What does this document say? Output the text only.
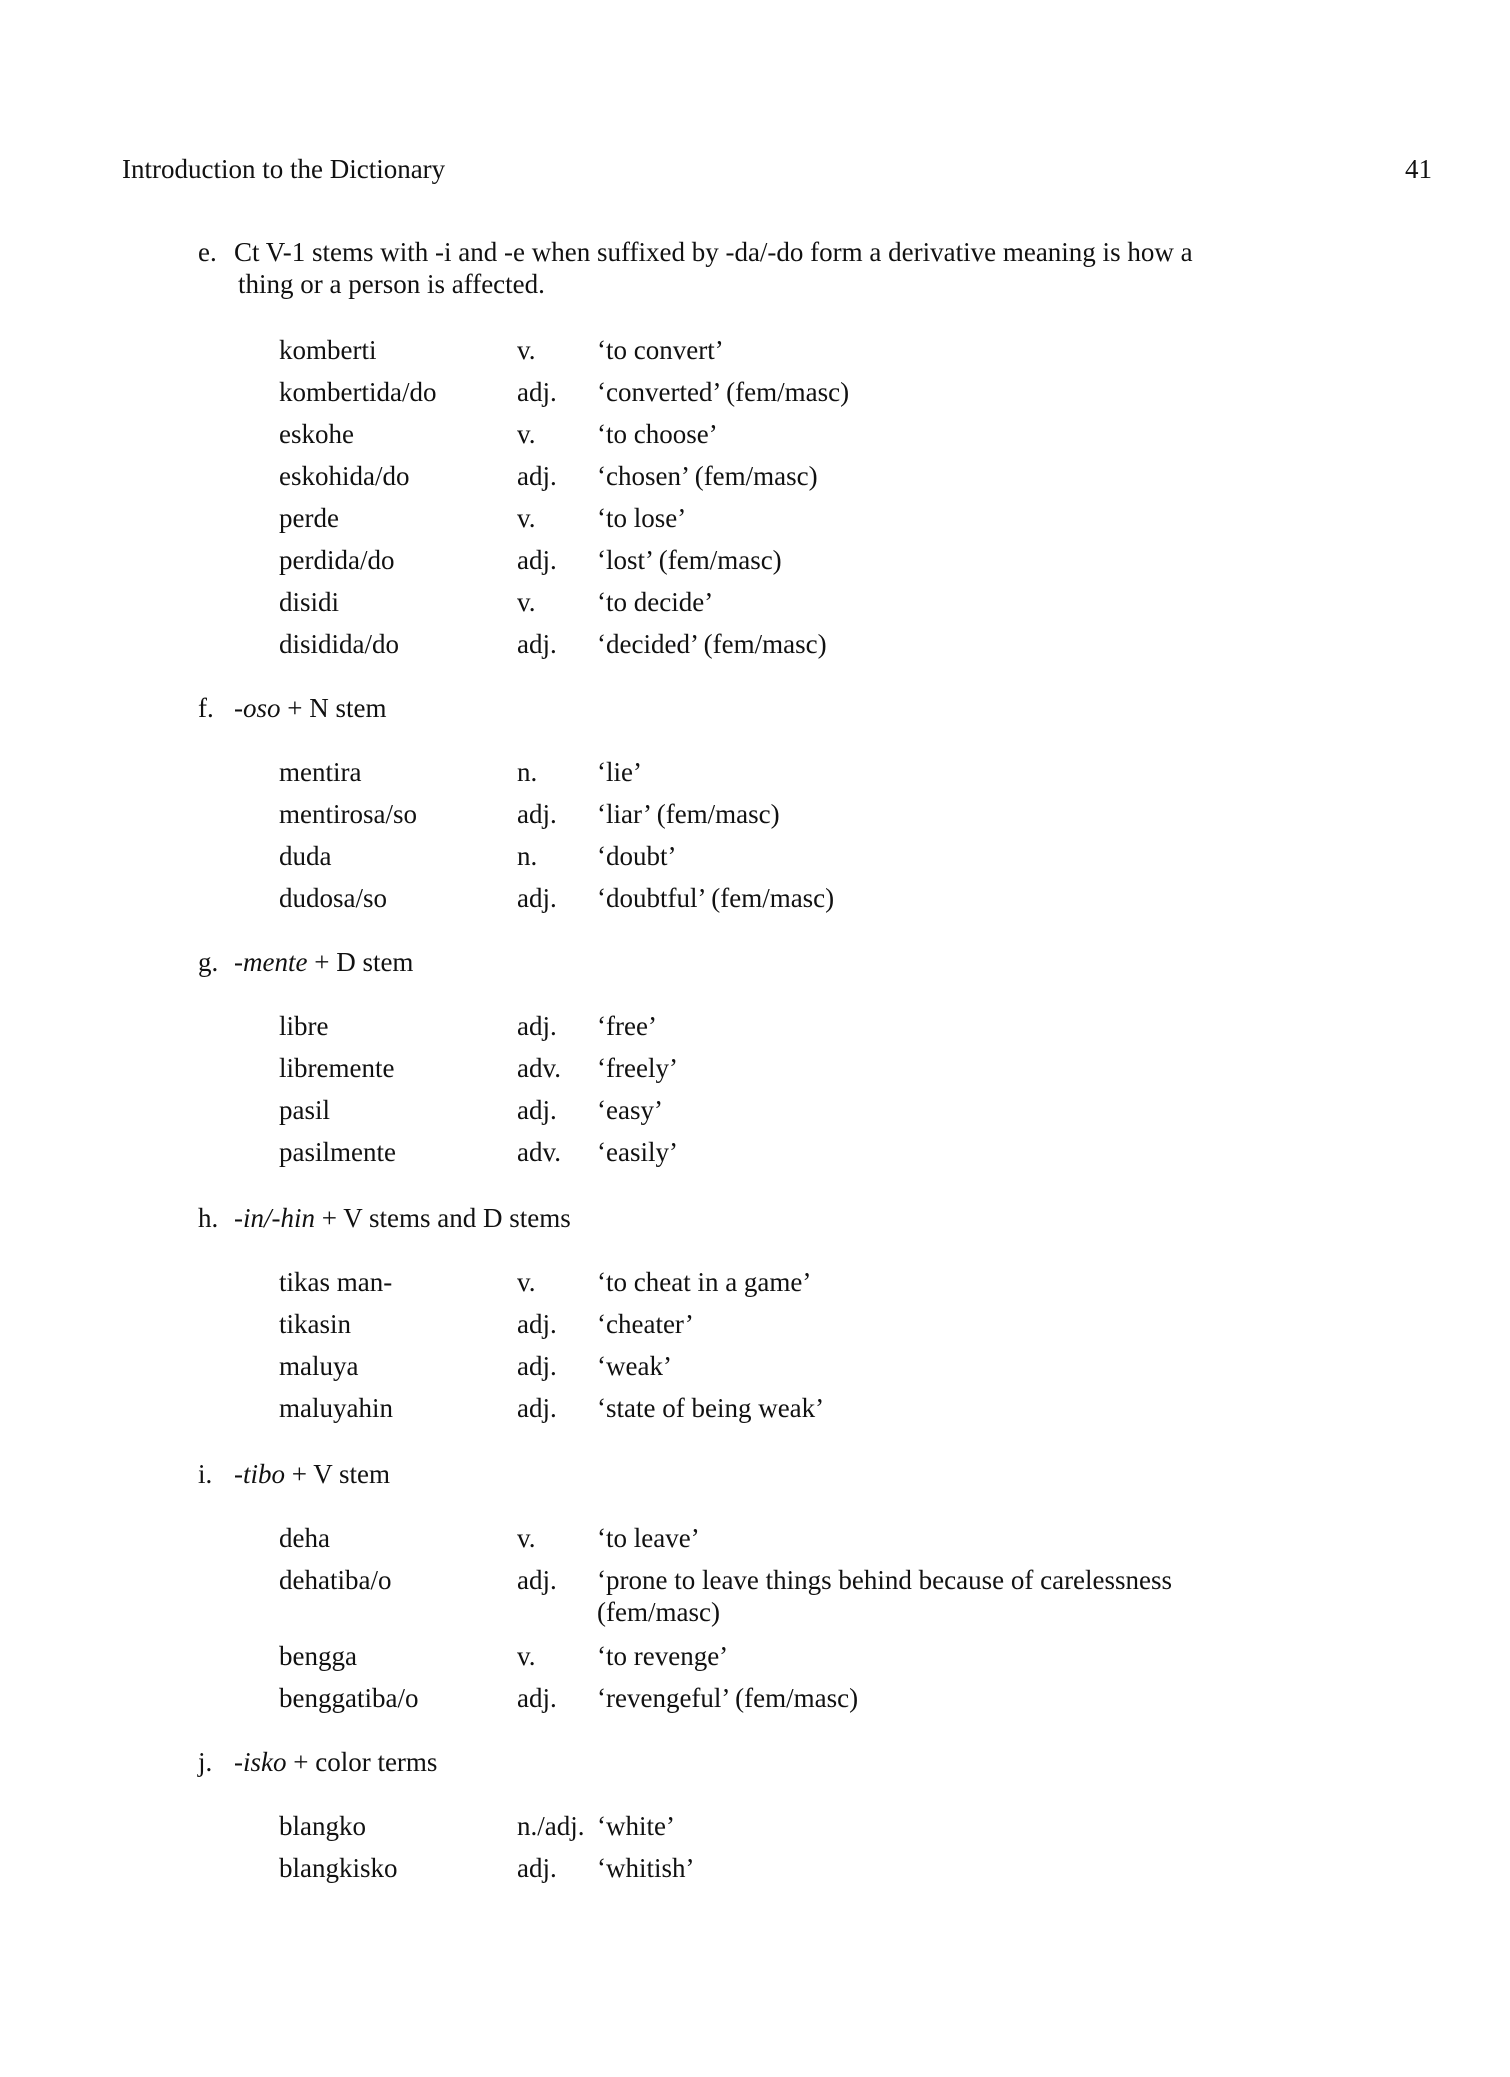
Introduction to the Dictionary	41
e. Ct V-1 stems with -i and -e when suffixed by -da/-do form a derivative meaning is how a
thing or a person is affected.
komberti	v. ‘to convert’
kombertida/do	adj. ‘converted’ (fem/masc)
eskohe	v. ‘to choose’
eskohida/do	adj. ‘chosen’ (fem/masc)
perde	v. ‘to lose’
perdida/do	adj. ‘lost’ (fem/masc)
disidi	v. ‘to decide’
disidida/do	adj. ‘decided’ (fem/masc)
f. -oso + N stem
mentira	n. ‘lie’
mentirosa/so	adj. ‘liar’ (fem/masc)
duda	n. ‘doubt’
dudosa/so	adj. ‘doubtful’ (fem/masc)
g. -mente + D stem
libre	adj. ‘free’
libremente	adv. ‘freely’
pasil	adj. ‘easy’
pasilmente	adv. ‘easily’
h. -in/-hin + V stems and D stems
tikas man-	v. ‘to cheat in a game’
tikasin	adj. ‘cheater’
maluya	adj. ‘weak’
maluyahin	adj. ‘state of being weak’
i. -tibo + V stem
deha	v. ‘to leave’
dehatiba/o	adj. ‘prone to leave things behind because of carelessness
(fem/masc)
bengga	v. ‘to revenge’
benggatiba/o	adj. ‘revengeful’ (fem/masc)
j. -isko + color terms
blangko	n./adj. ‘white’
blangkisko	adj. ‘whitish’
